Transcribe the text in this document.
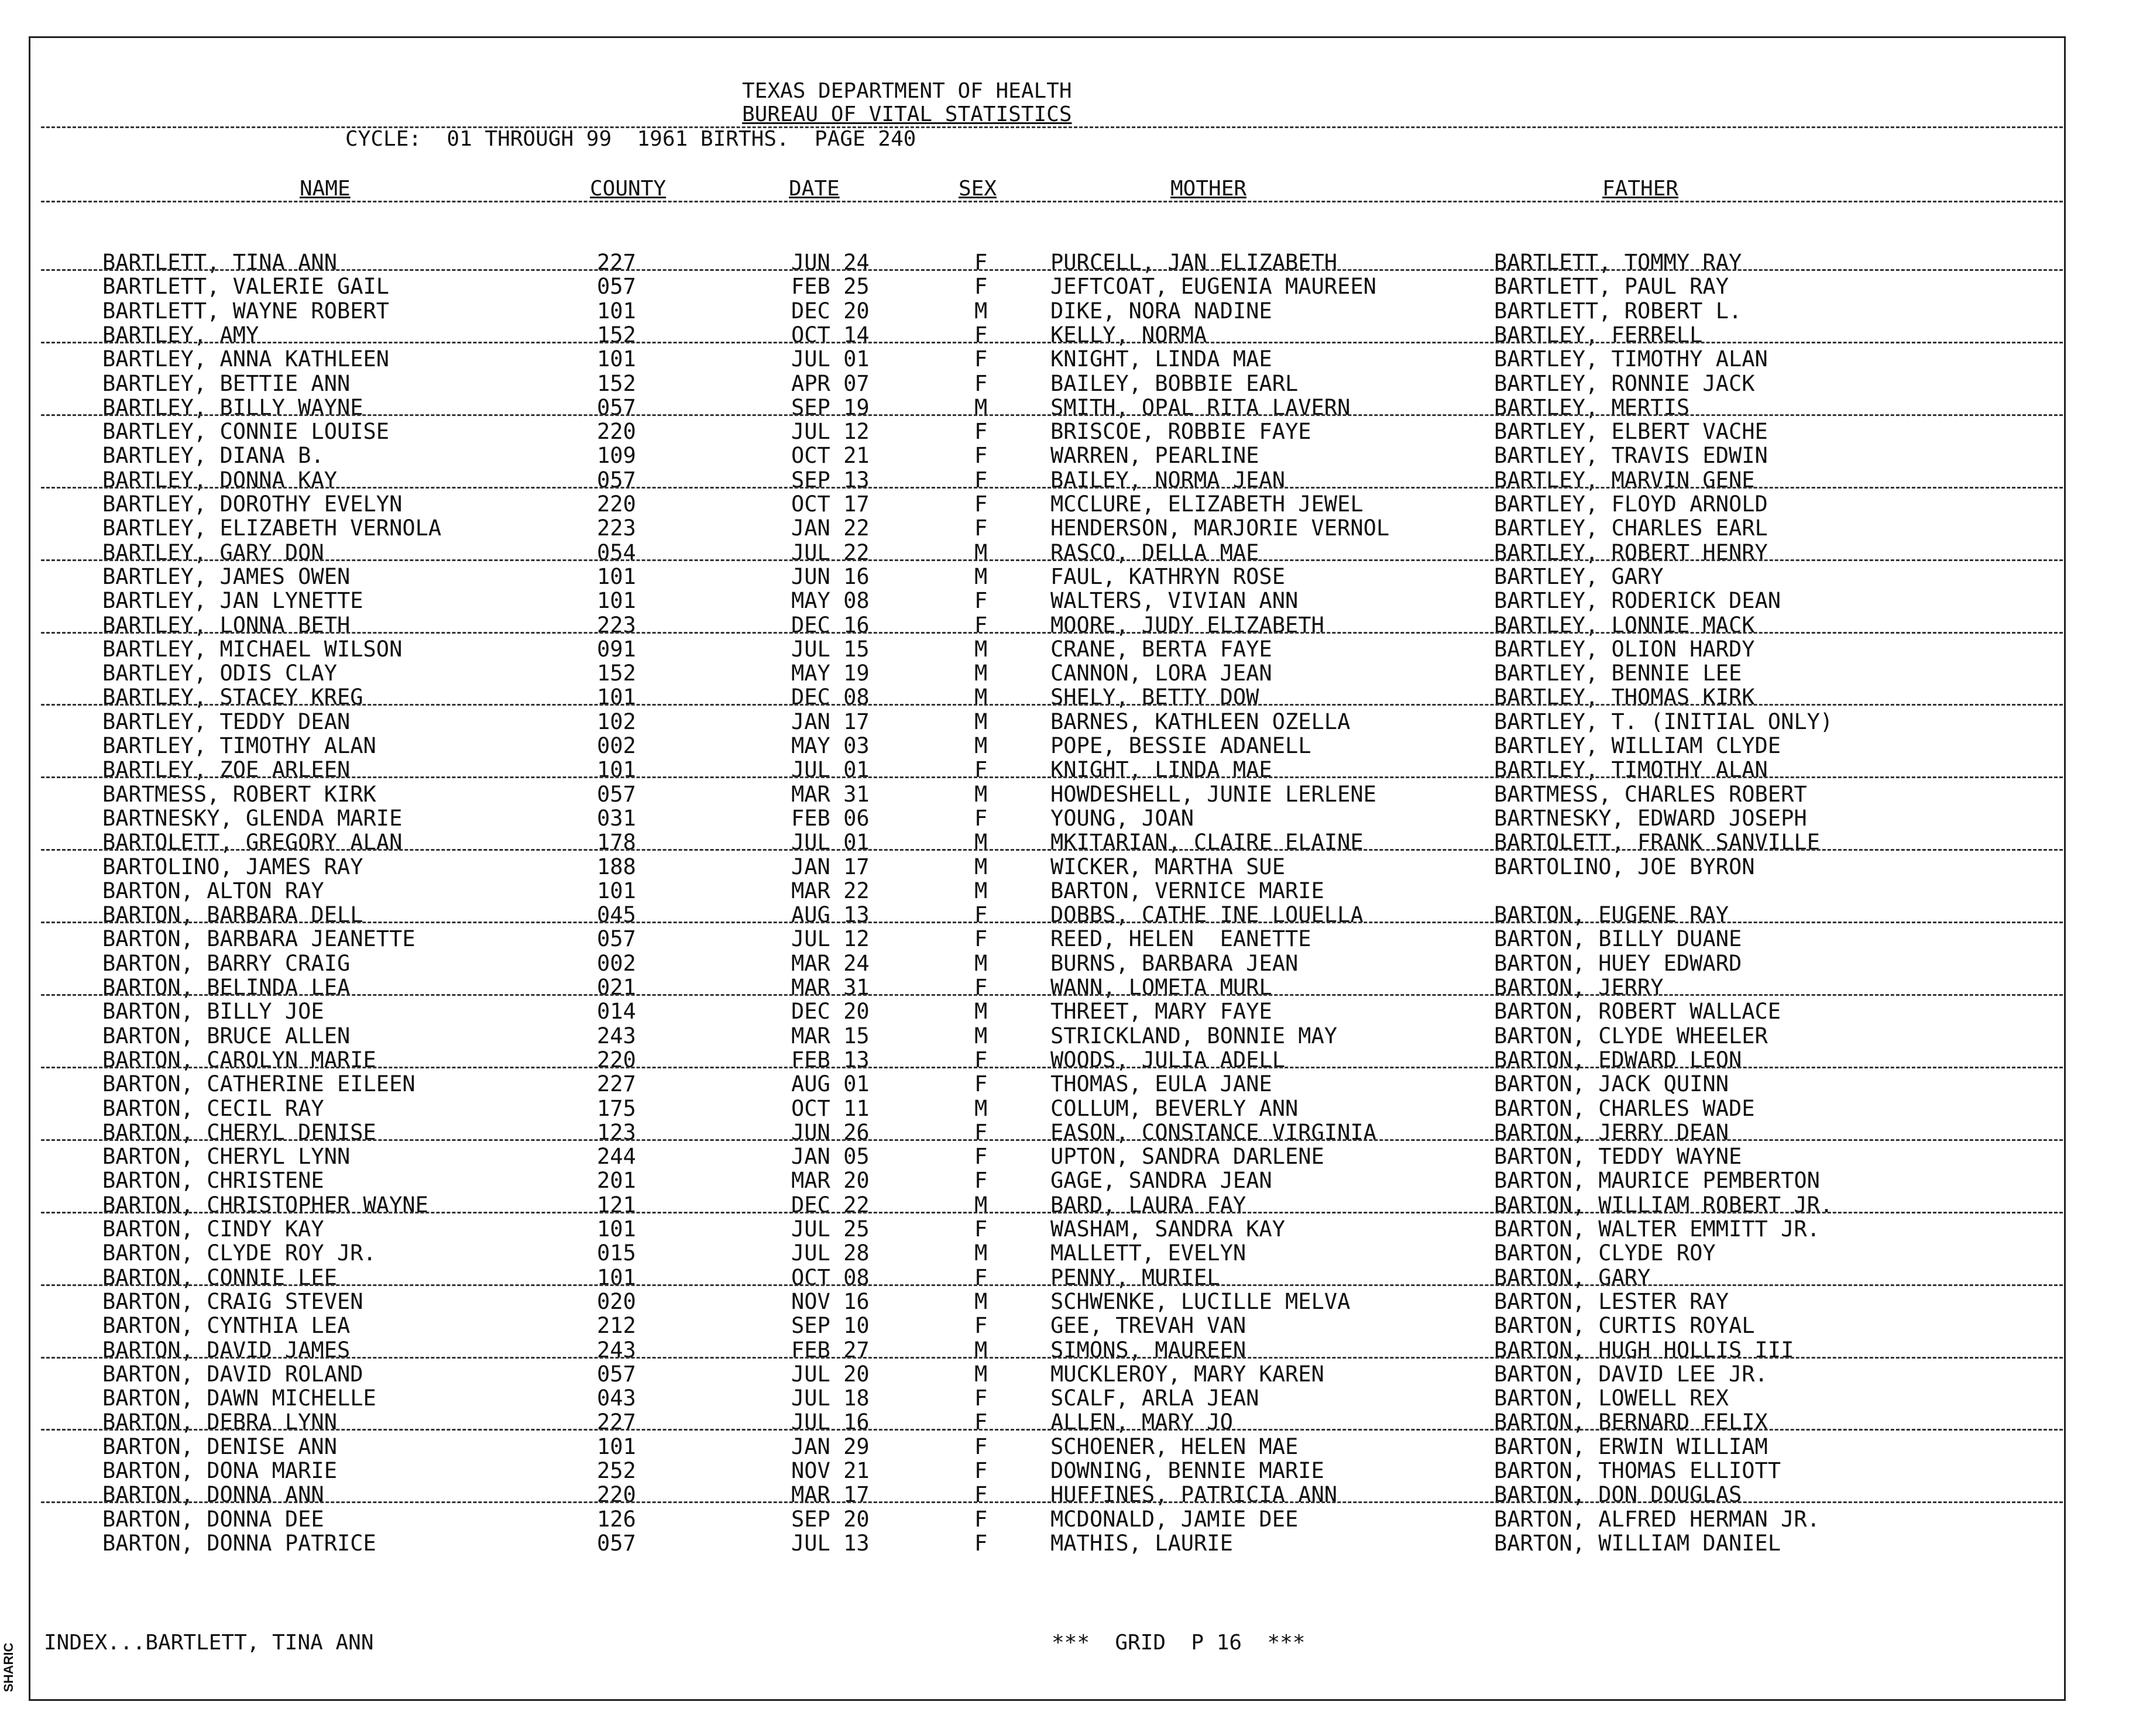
TEXAS DEPARTMENT OF HEALTH
BUREAU OF VITAL STATISTICS
CYCLE:  01 THROUGH 99  1961 BIRTHS.  PAGE 240
NAME	COUNTY	DATE	SEX	MOTHER	FATHER
BARTLETT, TINA ANN	227	JUN 24	F	PURCELL, JAN ELIZABETH	BARTLETT, TOMMY RAY
BARTLETT, VALERIE GAIL	057	FEB 25	F	JEFTCOAT, EUGENIA MAUREEN	BARTLETT, PAUL RAY
BARTLETT, WAYNE ROBERT	101	DEC 20	M	DIKE, NORA NADINE	BARTLETT, ROBERT L.
BARTLEY, AMY	152	OCT 14	F	KELLY, NORMA	BARTLEY, FERRELL
BARTLEY, ANNA KATHLEEN	101	JUL 01	F	KNIGHT, LINDA MAE	BARTLEY, TIMOTHY ALAN
BARTLEY, BETTIE ANN	152	APR 07	F	BAILEY, BOBBIE EARL	BARTLEY, RONNIE JACK
BARTLEY, BILLY WAYNE	057	SEP 19	M	SMITH, OPAL RITA LAVERN	BARTLEY, MERTIS
BARTLEY, CONNIE LOUISE	220	JUL 12	F	BRISCOE, ROBBIE FAYE	BARTLEY, ELBERT VACHE
BARTLEY, DIANA B.	109	OCT 21	F	WARREN, PEARLINE	BARTLEY, TRAVIS EDWIN
BARTLEY, DONNA KAY	057	SEP 13	F	BAILEY, NORMA JEAN	BARTLEY, MARVIN GENE
BARTLEY, DOROTHY EVELYN	220	OCT 17	F	MCCLURE, ELIZABETH JEWEL	BARTLEY, FLOYD ARNOLD
BARTLEY, ELIZABETH VERNOLA	223	JAN 22	F	HENDERSON, MARJORIE VERNOL	BARTLEY, CHARLES EARL
BARTLEY, GARY DON	054	JUL 22	M	RASCO, DELLA MAE	BARTLEY, ROBERT HENRY
BARTLEY, JAMES OWEN	101	JUN 16	M	FAUL, KATHRYN ROSE	BARTLEY, GARY
BARTLEY, JAN LYNETTE	101	MAY 08	F	WALTERS, VIVIAN ANN	BARTLEY, RODERICK DEAN
BARTLEY, LONNA BETH	223	DEC 16	F	MOORE, JUDY ELIZABETH	BARTLEY, LONNIE MACK
BARTLEY, MICHAEL WILSON	091	JUL 15	M	CRANE, BERTA FAYE	BARTLEY, OLION HARDY
BARTLEY, ODIS CLAY	152	MAY 19	M	CANNON, LORA JEAN	BARTLEY, BENNIE LEE
BARTLEY, STACEY KREG	101	DEC 08	M	SHELY, BETTY DOW	BARTLEY, THOMAS KIRK
BARTLEY, TEDDY DEAN	102	JAN 17	M	BARNES, KATHLEEN OZELLA	BARTLEY, T. (INITIAL ONLY)
BARTLEY, TIMOTHY ALAN	002	MAY 03	M	POPE, BESSIE ADANELL	BARTLEY, WILLIAM CLYDE
BARTLEY, ZOE ARLEEN	101	JUL 01	F	KNIGHT, LINDA MAE	BARTLEY, TIMOTHY ALAN
BARTMESS, ROBERT KIRK	057	MAR 31	M	HOWDESHELL, JUNIE LERLENE	BARTMESS, CHARLES ROBERT
BARTNESKY, GLENDA MARIE	031	FEB 06	F	YOUNG, JOAN	BARTNESKY, EDWARD JOSEPH
BARTOLETT, GREGORY ALAN	178	JUL 01	M	MKITARIAN, CLAIRE ELAINE	BARTOLETT, FRANK SANVILLE
BARTOLINO, JAMES RAY	188	JAN 17	M	WICKER, MARTHA SUE	BARTOLINO, JOE BYRON
BARTON, ALTON RAY	101	MAR 22	M	BARTON, VERNICE MARIE
BARTON, BARBARA DELL	045	AUG 13	F	DOBBS, CATHE INE LOUELLA	BARTON, EUGENE RAY
BARTON, BARBARA JEANETTE	057	JUL 12	F	REED, HELEN  EANETTE	BARTON, BILLY DUANE
BARTON, BARRY CRAIG	002	MAR 24	M	BURNS, BARBARA JEAN	BARTON, HUEY EDWARD
BARTON, BELINDA LEA	021	MAR 31	F	WANN, LOMETA MURL	BARTON, JERRY
BARTON, BILLY JOE	014	DEC 20	M	THREET, MARY FAYE	BARTON, ROBERT WALLACE
BARTON, BRUCE ALLEN	243	MAR 15	M	STRICKLAND, BONNIE MAY	BARTON, CLYDE WHEELER
BARTON, CAROLYN MARIE	220	FEB 13	F	WOODS, JULIA ADELL	BARTON, EDWARD LEON
BARTON, CATHERINE EILEEN	227	AUG 01	F	THOMAS, EULA JANE	BARTON, JACK QUINN
BARTON, CECIL RAY	175	OCT 11	M	COLLUM, BEVERLY ANN	BARTON, CHARLES WADE
BARTON, CHERYL DENISE	123	JUN 26	F	EASON, CONSTANCE VIRGINIA	BARTON, JERRY DEAN
BARTON, CHERYL LYNN	244	JAN 05	F	UPTON, SANDRA DARLENE	BARTON, TEDDY WAYNE
BARTON, CHRISTENE	201	MAR 20	F	GAGE, SANDRA JEAN	BARTON, MAURICE PEMBERTON
BARTON, CHRISTOPHER WAYNE	121	DEC 22	M	BARD, LAURA FAY	BARTON, WILLIAM ROBERT JR.
BARTON, CINDY KAY	101	JUL 25	F	WASHAM, SANDRA KAY	BARTON, WALTER EMMITT JR.
BARTON, CLYDE ROY JR.	015	JUL 28	M	MALLETT, EVELYN	BARTON, CLYDE ROY
BARTON, CONNIE LEE	101	OCT 08	F	PENNY, MURIEL	BARTON, GARY
BARTON, CRAIG STEVEN	020	NOV 16	M	SCHWENKE, LUCILLE MELVA	BARTON, LESTER RAY
BARTON, CYNTHIA LEA	212	SEP 10	F	GEE, TREVAH VAN	BARTON, CURTIS ROYAL
BARTON, DAVID JAMES	243	FEB 27	M	SIMONS, MAUREEN	BARTON, HUGH HOLLIS III
BARTON, DAVID ROLAND	057	JUL 20	M	MUCKLEROY, MARY KAREN	BARTON, DAVID LEE JR.
BARTON, DAWN MICHELLE	043	JUL 18	F	SCALF, ARLA JEAN	BARTON, LOWELL REX
BARTON, DEBRA LYNN	227	JUL 16	F	ALLEN, MARY JO	BARTON, BERNARD FELIX
BARTON, DENISE ANN	101	JAN 29	F	SCHOENER, HELEN MAE	BARTON, ERWIN WILLIAM
BARTON, DONA MARIE	252	NOV 21	F	DOWNING, BENNIE MARIE	BARTON, THOMAS ELLIOTT
BARTON, DONNA ANN	220	MAR 17	F	HUFFINES, PATRICIA ANN	BARTON, DON DOUGLAS
BARTON, DONNA DEE	126	SEP 20	F	MCDONALD, JAMIE DEE	BARTON, ALFRED HERMAN JR.
BARTON, DONNA PATRICE	057	JUL 13	F	MATHIS, LAURIE	BARTON, WILLIAM DANIEL
INDEX...BARTLETT, TINA ANN	***  GRID  P 16  ***
SHARIC
